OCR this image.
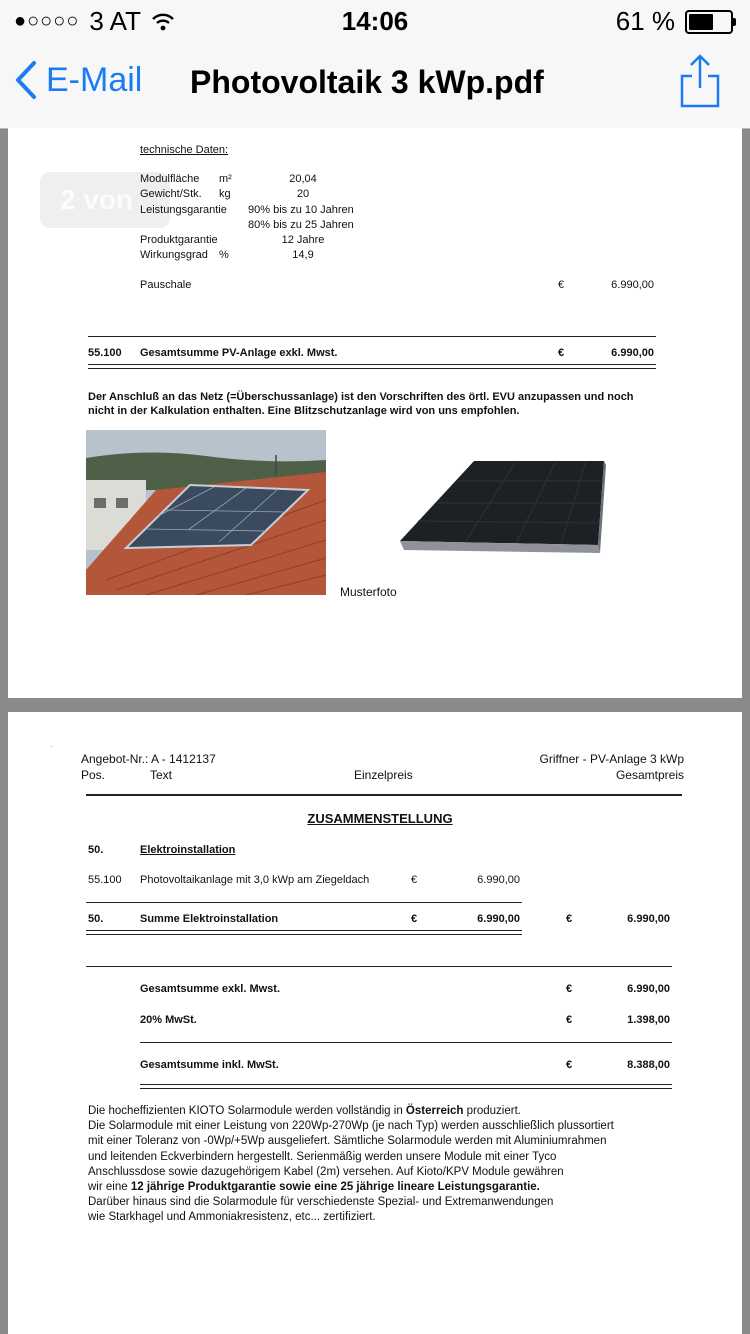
●○○○○ 3 AT	14:06	61 %
E-Mail Photovoltaik 3 kWp.pdf
2 von
technische Daten:
Modulfläche m²	20,04
Gewicht/Stk. kg	20
Leistungsgarantie 90% bis zu 10 Jahren
80% bis zu 25 Jahren
Produktgarantie	12 Jahre
Wirkungsgrad %	14,9
Pauschale	€	6.990,00
55.100 Gesamtsumme PV-Anlage exkl. Mwst.	€	6.990,00
Der Anschluß an das Netz (=Überschussanlage) ist den Vorschriften des örtl. EVU anzupassen und noch nicht in der Kalkulation enthalten. Eine Blitzschutzanlage wird von uns empfohlen.
Musterfoto
·
Angebot-Nr.: A - 1412137	Griffner - PV-Anlage 3 kWp
Pos.	Text	Einzelpreis	Gesamtpreis
ZUSAMMENSTELLUNG
50.	Elektroinstallation
55.100 Photovoltaikanlage mit 3,0 kWp am Ziegeldach	€	6.990,00
50.	Summe Elektroinstallation	€	6.990,00	€	6.990,00
Gesamtsumme exkl. Mwst.	€	6.990,00
20% MwSt.	€	1.398,00
Gesamtsumme inkl. MwSt.	€	8.388,00
Die hocheffizienten KIOTO Solarmodule werden vollständig in Österreich produziert.
Die Solarmodule mit einer Leistung von 220Wp-270Wp (je nach Typ) werden ausschließlich plussortiert
mit einer Toleranz von -0Wp/+5Wp ausgeliefert. Sämtliche Solarmodule werden mit Aluminiumrahmen
und leitenden Eckverbindern hergestellt. Serienmäßig werden unsere Module mit einer Tyco
Anschlussdose sowie dazugehörigem Kabel (2m) versehen. Auf Kioto/KPV Module gewähren
wir eine 12 jährige Produktgarantie sowie eine 25 jährige lineare Leistungsgarantie.
Darüber hinaus sind die Solarmodule für verschiedenste Spezial- und Extremanwendungen
wie Starkhagel und Ammoniakresistenz, etc... zertifiziert.
